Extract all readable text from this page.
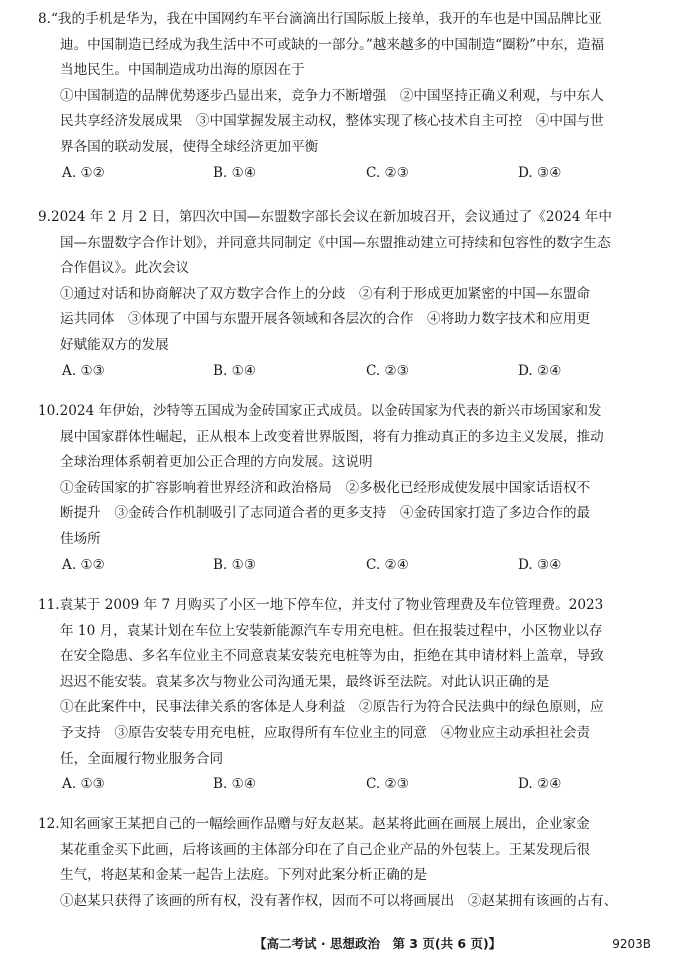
8.“我的手机是华为，我在中国网约车平台滴滴出行国际版上接单，我开的车也是中国品牌比亚
迪。中国制造已经成为我生活中不可或缺的一部分。”越来越多的中国制造“圈粉”中东，造福
当地民生。中国制造成功出海的原因在于
①中国制造的品牌优势逐步凸显出来，竞争力不断增强　②中国坚持正确义利观，与中东人
民共享经济发展成果　③中国掌握发展主动权，整体实现了核心技术自主可控　④中国与世
界各国的联动发展，使得全球经济更加平衡
A. ①②	B. ①④	C. ②③	D. ③④
9.2024 年 2 月 2 日，第四次中国—东盟数字部长会议在新加坡召开，会议通过了《2024 年中
国—东盟数字合作计划》，并同意共同制定《中国—东盟推动建立可持续和包容性的数字生态
合作倡议》。此次会议
①通过对话和协商解决了双方数字合作上的分歧　②有利于形成更加紧密的中国—东盟命
运共同体　③体现了中国与东盟开展各领域和各层次的合作　④将助力数字技术和应用更
好赋能双方的发展
A. ①③	B. ①④	C. ②③	D. ②④
10.2024 年伊始，沙特等五国成为金砖国家正式成员。以金砖国家为代表的新兴市场国家和发
展中国家群体性崛起，正从根本上改变着世界版图，将有力推动真正的多边主义发展，推动
全球治理体系朝着更加公正合理的方向发展。这说明
①金砖国家的扩容影响着世界经济和政治格局　②多极化已经形成使发展中国家话语权不
断提升　③金砖合作机制吸引了志同道合者的更多支持　④金砖国家打造了多边合作的最
佳场所
A. ①②	B. ①③	C. ②④	D. ③④
11.袁某于 2009 年 7 月购买了小区一地下停车位，并支付了物业管理费及车位管理费。2023
年 10 月，袁某计划在车位上安装新能源汽车专用充电桩。但在报装过程中，小区物业以存
在安全隐患、多名车位业主不同意袁某安装充电桩等为由，拒绝在其申请材料上盖章，导致
迟迟不能安装。袁某多次与物业公司沟通无果，最终诉至法院。对此认识正确的是
①在此案件中，民事法律关系的客体是人身利益　②原告行为符合民法典中的绿色原则，应
予支持　③原告安装专用充电桩，应取得所有车位业主的同意　④物业应主动承担社会责
任，全面履行物业服务合同
A. ①③	B. ①④	C. ②③	D. ②④
12.知名画家王某把自己的一幅绘画作品赠与好友赵某。赵某将此画在画展上展出，企业家金
某花重金买下此画，后将该画的主体部分印在了自己企业产品的外包装上。王某发现后很
生气，将赵某和金某一起告上法庭。下列对此案分析正确的是
①赵某只获得了该画的所有权，没有著作权，因而不可以将画展出　②赵某拥有该画的占有、
【高二考试 · 思想政治　第 3 页(共 6 页)】	9203B
